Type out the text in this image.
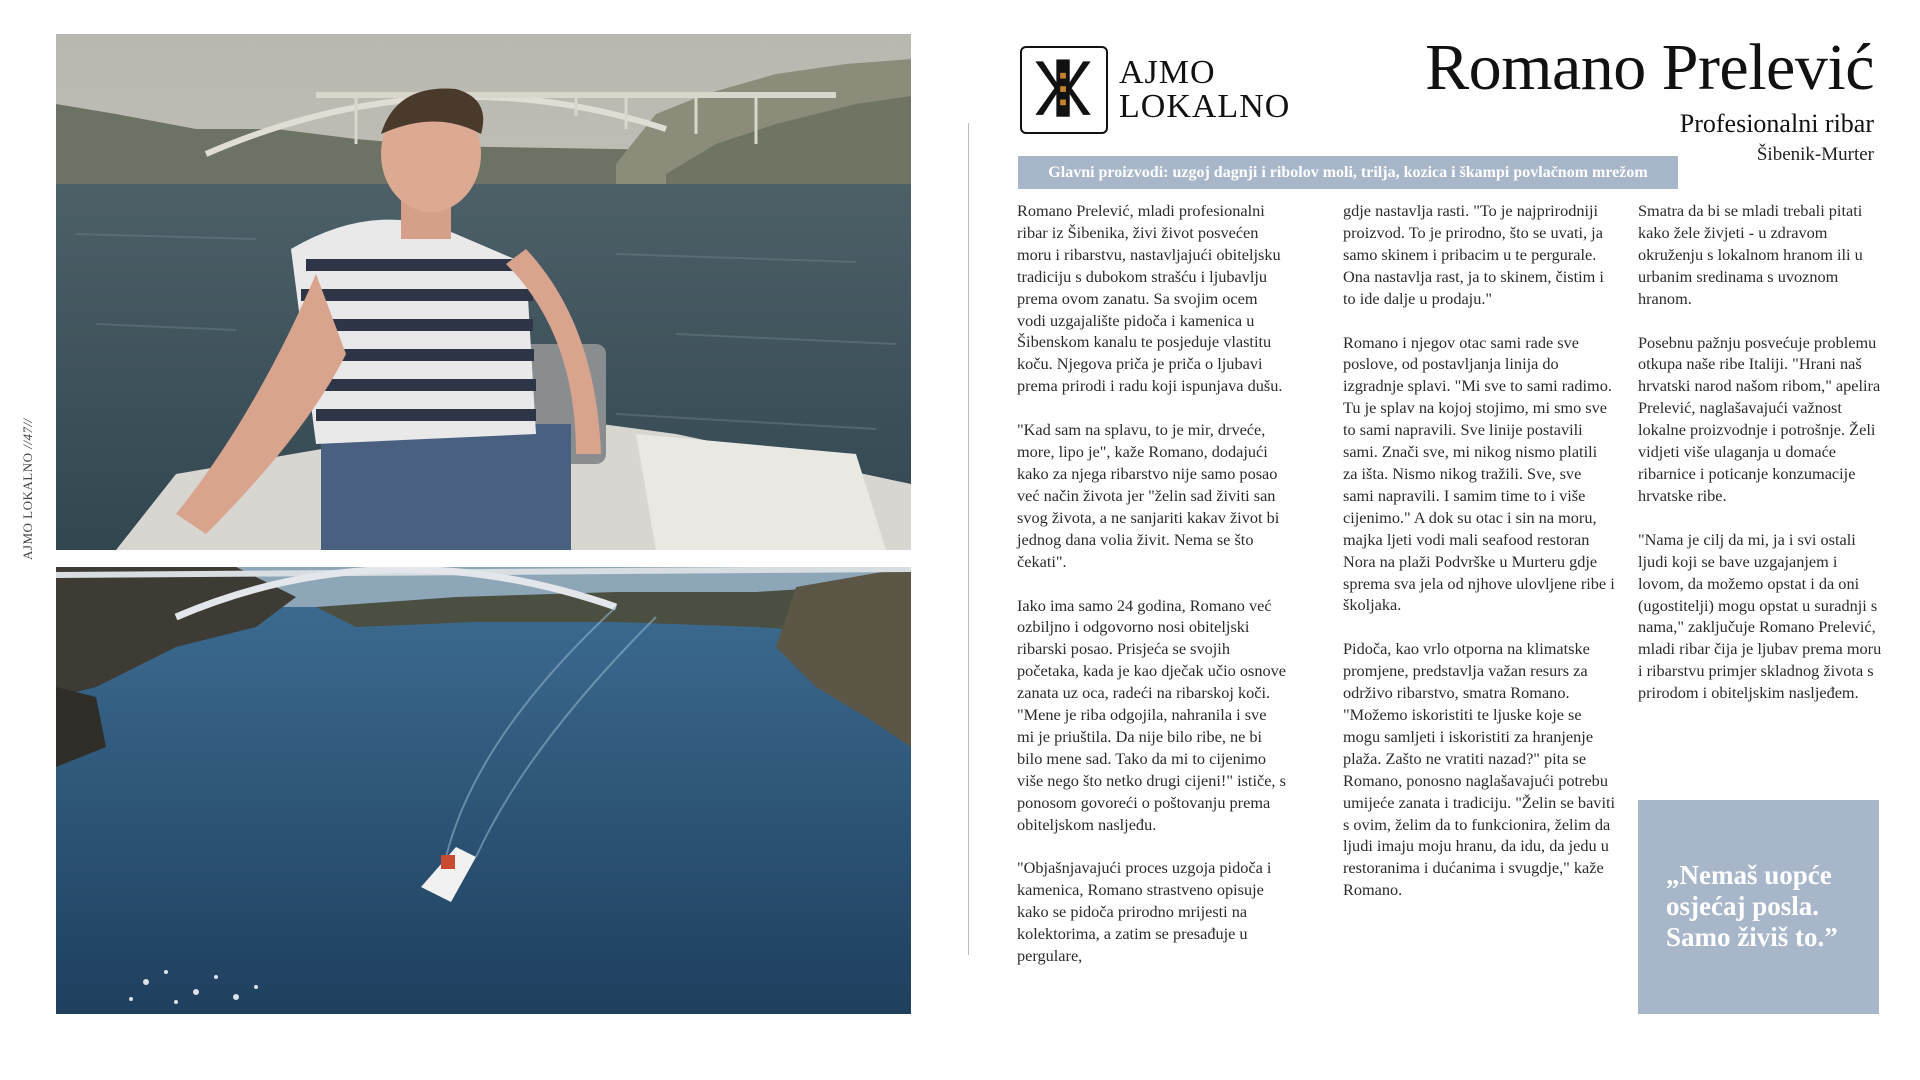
AJMO LOKALNO //47//
AJMO
LOKALNO
Romano Prelević
Profesionalni ribar
Šibenik-Murter
Glavni proizvodi: uzgoj dagnji i ribolov moli, trilja, kozica i škampi povlačnom mrežom

Romano Prelević, mladi profesionalni ribar iz Šibenika, živi život posvećen moru i ribarstvu, nastavljajući obiteljsku tradiciju s dubokom strašću i ljubavlju prema ovom zanatu. Sa svojim ocem vodi uzgajalište pidoča i kamenica u Šibenskom kanalu te posjeduje vlastitu koču. Njegova priča je priča o ljubavi prema prirodi i radu koji ispunjava dušu.

"Kad sam na splavu, to je mir, drveće, more, lipo je", kaže Romano, dodajući kako za njega ribarstvo nije samo posao već način života jer "želin sad živiti san svog života, a ne sanjariti kakav život bi jednog dana volia živit. Nema se što čekati".

Iako ima samo 24 godina, Romano već ozbiljno i odgovorno nosi obiteljski ribarski posao. Prisjeća se svojih početaka, kada je kao dječak učio osnove zanata uz oca, radeći na ribarskoj koči. "Mene je riba odgojila, nahranila i sve mi je priuštila. Da nije bilo ribe, ne bi bilo mene sad. Tako da mi to cijenimo više nego što netko drugi cijeni!" ističe, s ponosom govoreći o poštovanju prema obiteljskom nasljeđu.

"Objašnjavajući proces uzgoja pidoča i kamenica, Romano strastveno opisuje kako se pidoča prirodno mrijesti na kolektorima, a zatim se presađuje u pergulare,

gdje nastavlja rasti. "To je najprirodniji proizvod. To je prirodno, što se uvati, ja samo skinem i pribacim u te pergurale. Ona nastavlja rast, ja to skinem, čistim i to ide dalje u prodaju."

Romano i njegov otac sami rade sve poslove, od postavljanja linija do izgradnje splavi. "Mi sve to sami radimo. Tu je splav na kojoj stojimo, mi smo sve to sami napravili. Sve linije postavili sami. Znači sve, mi nikog nismo platili za išta. Nismo nikog tražili. Sve, sve sami napravili. I samim time to i više cijenimo." A dok su otac i sin na moru, majka ljeti vodi mali seafood restoran Nora na plaži Podvrške u Murteru gdje sprema sva jela od njhove ulovljene ribe i školjaka.

Pidoča, kao vrlo otporna na klimatske promjene, predstavlja važan resurs za održivo ribarstvo, smatra Romano. "Možemo iskoristiti te ljuske koje se mogu samljeti i iskoristiti za hranjenje plaža. Zašto ne vratiti nazad?" pita se Romano, ponosno naglašavajući potrebu umijeće zanata i tradiciju. "Želin se baviti s ovim, želim da to funkcionira, želim da ljudi imaju moju hranu, da idu, da jedu u restoranima i dućanima i svugdje," kaže Romano.

Smatra da bi se mladi trebali pitati kako žele živjeti - u zdravom okruženju s lokalnom hranom ili u urbanim sredinama s uvoznom hranom.

Posebnu pažnju posvećuje problemu otkupa naše ribe Italiji. "Hrani naš hrvatski narod našom ribom," apelira Prelević, naglašavajući važnost lokalne proizvodnje i potrošnje. Želi vidjeti više ulaganja u domaće ribarnice i poticanje konzumacije hrvatske ribe.

"Nama je cilj da mi, ja i svi ostali ljudi koji se bave uzgajanjem i lovom, da možemo opstat i da oni (ugostitelji) mogu opstat u suradnji s nama," zaključuje Romano Prelević, mladi ribar čija je ljubav prema moru i ribarstvu primjer skladnog života s prirodom i obiteljskim nasljeđem.

„Nemaš uopće osjećaj posla. Samo živiš to.”
